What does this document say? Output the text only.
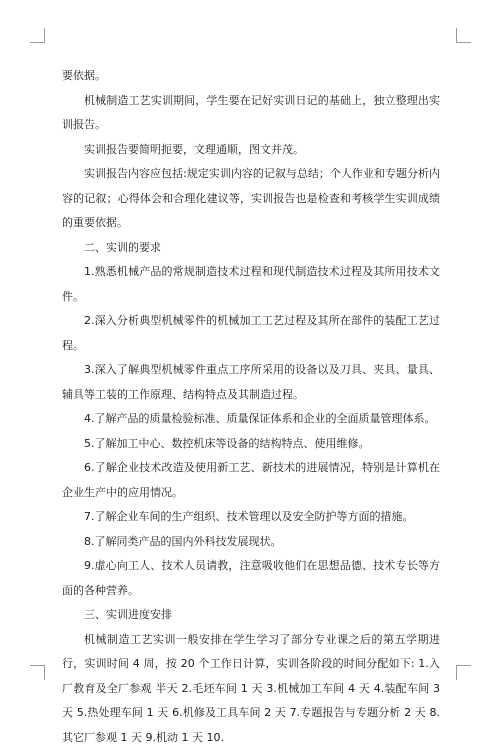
要依据。

机械制造工艺实训期间，学生要在记好实训日记的基础上，独立整理出实训报告。

实训报告要简明扼要，文理通顺，图文并茂。

实训报告内容应包括:规定实训内容的记叙与总结；个人作业和专题分析内容的记叙；心得体会和合理化建议等，实训报告也是检查和考核学生实训成绩的重要依据。

二、实训的要求

1.熟悉机械产品的常规制造技术过程和现代制造技术过程及其所用技术文件。

2.深入分析典型机械零件的机械加工工艺过程及其所在部件的装配工艺过程。

3.深入了解典型机械零件重点工序所采用的设备以及刀具、夹具、量具、辅具等工装的工作原理、结构特点及其制造过程。

4.了解产品的质量检验标准、质量保证体系和企业的全面质量管理体系。

5.了解加工中心、数控机床等设备的结构特点、使用维修。

6.了解企业技术改造及使用新工艺、新技术的进展情况，特别是计算机在企业生产中的应用情况。

7.了解企业车间的生产组织、技术管理以及安全防护等方面的措施。

8.了解同类产品的国内外科技发展现状。

9.虚心向工人、技术人员请教，注意吸收他们在思想品德、技术专长等方面的各种营养。

三、实训进度安排

机械制造工艺实训一般安排在学生学习了部分专业课之后的第五学期进行，实训时间 4 周，按 20 个工作日计算，实训各阶段的时间分配如下: 1.入厂教育及全厂参观 半天 2.毛坯车间 1 天 3.机械加工车间 4 天 4.装配车间 3 天 5.热处理车间 1 天 6.机修及工具车间 2 天 7.专题报告与专题分析 2 天 8.其它厂参观 1 天 9.机动 1 天 10.
